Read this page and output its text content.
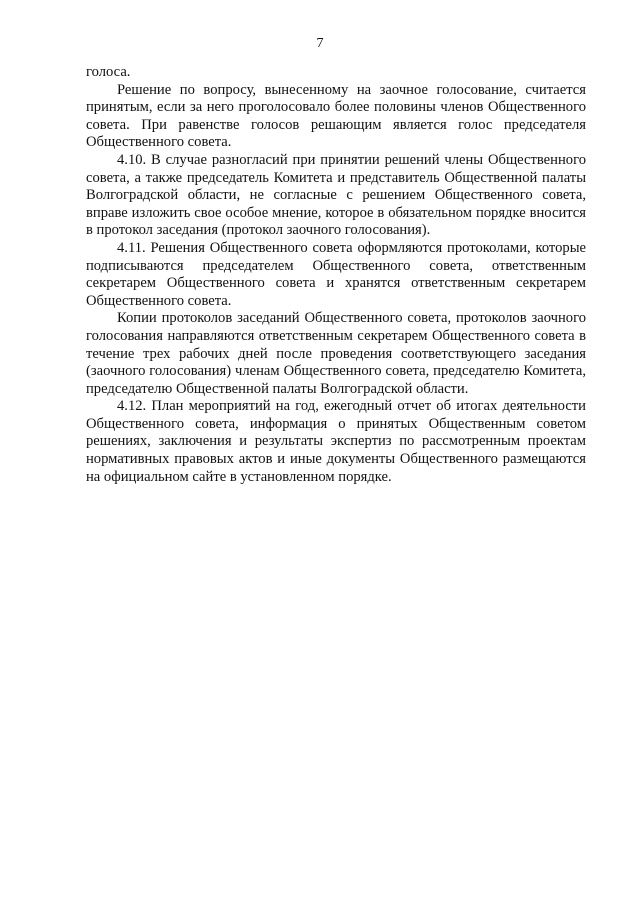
7

голоса.

Решение по вопросу, вынесенному на заочное голосование, считается принятым, если за него проголосовало более половины членов Общественного совета. При равенстве голосов решающим является голос председателя Общественного совета.

4.10. В случае разногласий при принятии решений члены Общественного совета, а также председатель Комитета и представитель Общественной палаты Волгоградской области, не согласные с решением Общественного совета, вправе изложить свое особое мнение, которое в обязательном порядке вносится в протокол заседания (протокол заочного голосования).

4.11. Решения Общественного совета оформляются протоколами, которые подписываются председателем Общественного совета, ответственным секретарем Общественного совета и хранятся ответственным секретарем Общественного совета.

Копии протоколов заседаний Общественного совета, протоколов заочного голосования направляются ответственным секретарем Общественного совета в течение трех рабочих дней после проведения соответствующего заседания (заочного голосования) членам Общественного совета, председателю Комитета, председателю Общественной палаты Волгоградской области.

4.12. План мероприятий на год, ежегодный отчет об итогах деятельности Общественного совета, информация о принятых Общественным советом решениях, заключения и результаты экспертиз по рассмотренным проектам нормативных правовых актов и иные документы Общественного размещаются на официальном сайте в установленном порядке.
